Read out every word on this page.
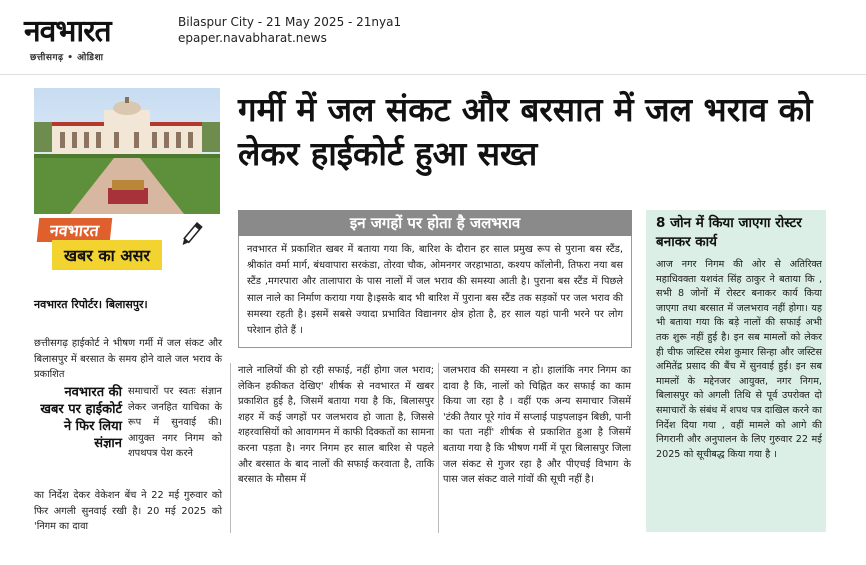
नवभारत
छत्तीसगढ़ • ओडिशा
Bilaspur City - 21 May 2025 - 21nya1
epaper.navabharat.news
नवभारत
खबर का असर
नवभारत रिपोर्टर। बिलासपुर।
गर्मी में जल संकट और बरसात में जल भराव को लेकर हाईकोर्ट हुआ सख्त
इन जगहों पर होता है जलभराव
नवभारत में प्रकाशित खबर में बताया गया कि, बारिश के दौरान हर साल प्रमुख रूप से पुराना बस स्टैंड, श्रीकांत वर्मा मार्ग, बंधवापारा सरकंडा, तोरवा चौक, ओमनगर जरहाभाठा, कश्यप कॉलोनी, तिफरा नया बस स्टैंड ,मगरपारा और तालापारा के पास नालों में जल भराव की समस्या आती है। पुराना बस स्टैंड में पिछले साल नाले का निर्माण कराया गया है।इसके बाद भी बारिश में पुराना बस स्टैंड तक सड़कों पर जल भराव की समस्या रहती है। इसमें सबसे ज्यादा प्रभावित विद्यानगर क्षेत्र होता है, हर साल यहां पानी भरने पर लोग परेशान होते हैं ।
8 जोन में किया जाएगा रोस्टर बनाकर कार्य
आज नगर निगम की ओर से अतिरिक्त महाधिवक्ता यशवंत सिंह ठाकुर ने बताया कि , सभी 8 जोनों में रोस्टर बनाकर कार्य किया जाएगा तथा बरसात में जलभराव नहीं होगा। यह भी बताया गया कि बड़े नालों की सफाई अभी तक शुरू नहीं हुई है। इन सब मामलों को लेकर ही चीफ जस्टिस रमेश कुमार सिन्हा और जस्टिस अमितेंद्र प्रसाद की बैंच में सुनवाई हुई। इन सब मामलों के मद्देनजर आयुक्त, नगर निगम, बिलासपुर को अगली तिथि से पूर्व उपरोक्त दो समाचारों के संबंध में शपथ पत्र दाखिल करने का निर्देश दिया गया , वहीं मामले को आगे की निगरानी और अनुपालन के लिए गुरुवार 22 मई 2025 को सूचीबद्ध किया गया है ।
छत्तीसगढ़ हाईकोर्ट ने भीषण गर्मी में जल संकट और बिलासपुर में बरसात के समय होने वाले जल भराव के प्रकाशित
नवभारत की खबर पर हाईकोर्ट ने फिर लिया संज्ञान
समाचारों पर स्वतः संज्ञान लेकर जनहित याचिका के रूप में सुनवाई की। आयुक्त नगर निगम को शपथपत्र पेश करने
का निर्देश देकर वेकेशन बेंच ने 22 मई गुरुवार को फिर अगली सुनवाई रखी है। 20 मई 2025 को 'निगम का दावा
नाले नालियों की हो रही सफाई, नहीं होगा जल भराव; लेकिन हकीकत देखिए' शीर्षक से नवभारत में खबर प्रकाशित हुई है, जिसमें बताया गया है कि, बिलासपुर शहर में कई जगहों पर जलभराव हो जाता है, जिससे शहरवासियों को आवागमन में काफी दिक्कतों का सामना करना पड़ता है। नगर निगम हर साल बारिश से पहले और बरसात के बाद नालों की सफाई करवाता है, ताकि बरसात के मौसम में
जलभराव की समस्या न हो। हालांकि नगर निगम का दावा है कि, नालों को चिह्नित कर सफाई का काम किया जा रहा है । वहीं एक अन्य समाचार जिसमें 'टंकी तैयार पूरे गांव में सप्लाई पाइपलाइन बिछी, पानी का पता नहीं' शीर्षक से प्रकाशित हुआ है जिसमें बताया गया है कि भीषण गर्मी में पूरा बिलासपुर जिला जल संकट से गुजर रहा है और पीएचई विभाग के पास जल संकट वाले गांवों की सूची नहीं है।
